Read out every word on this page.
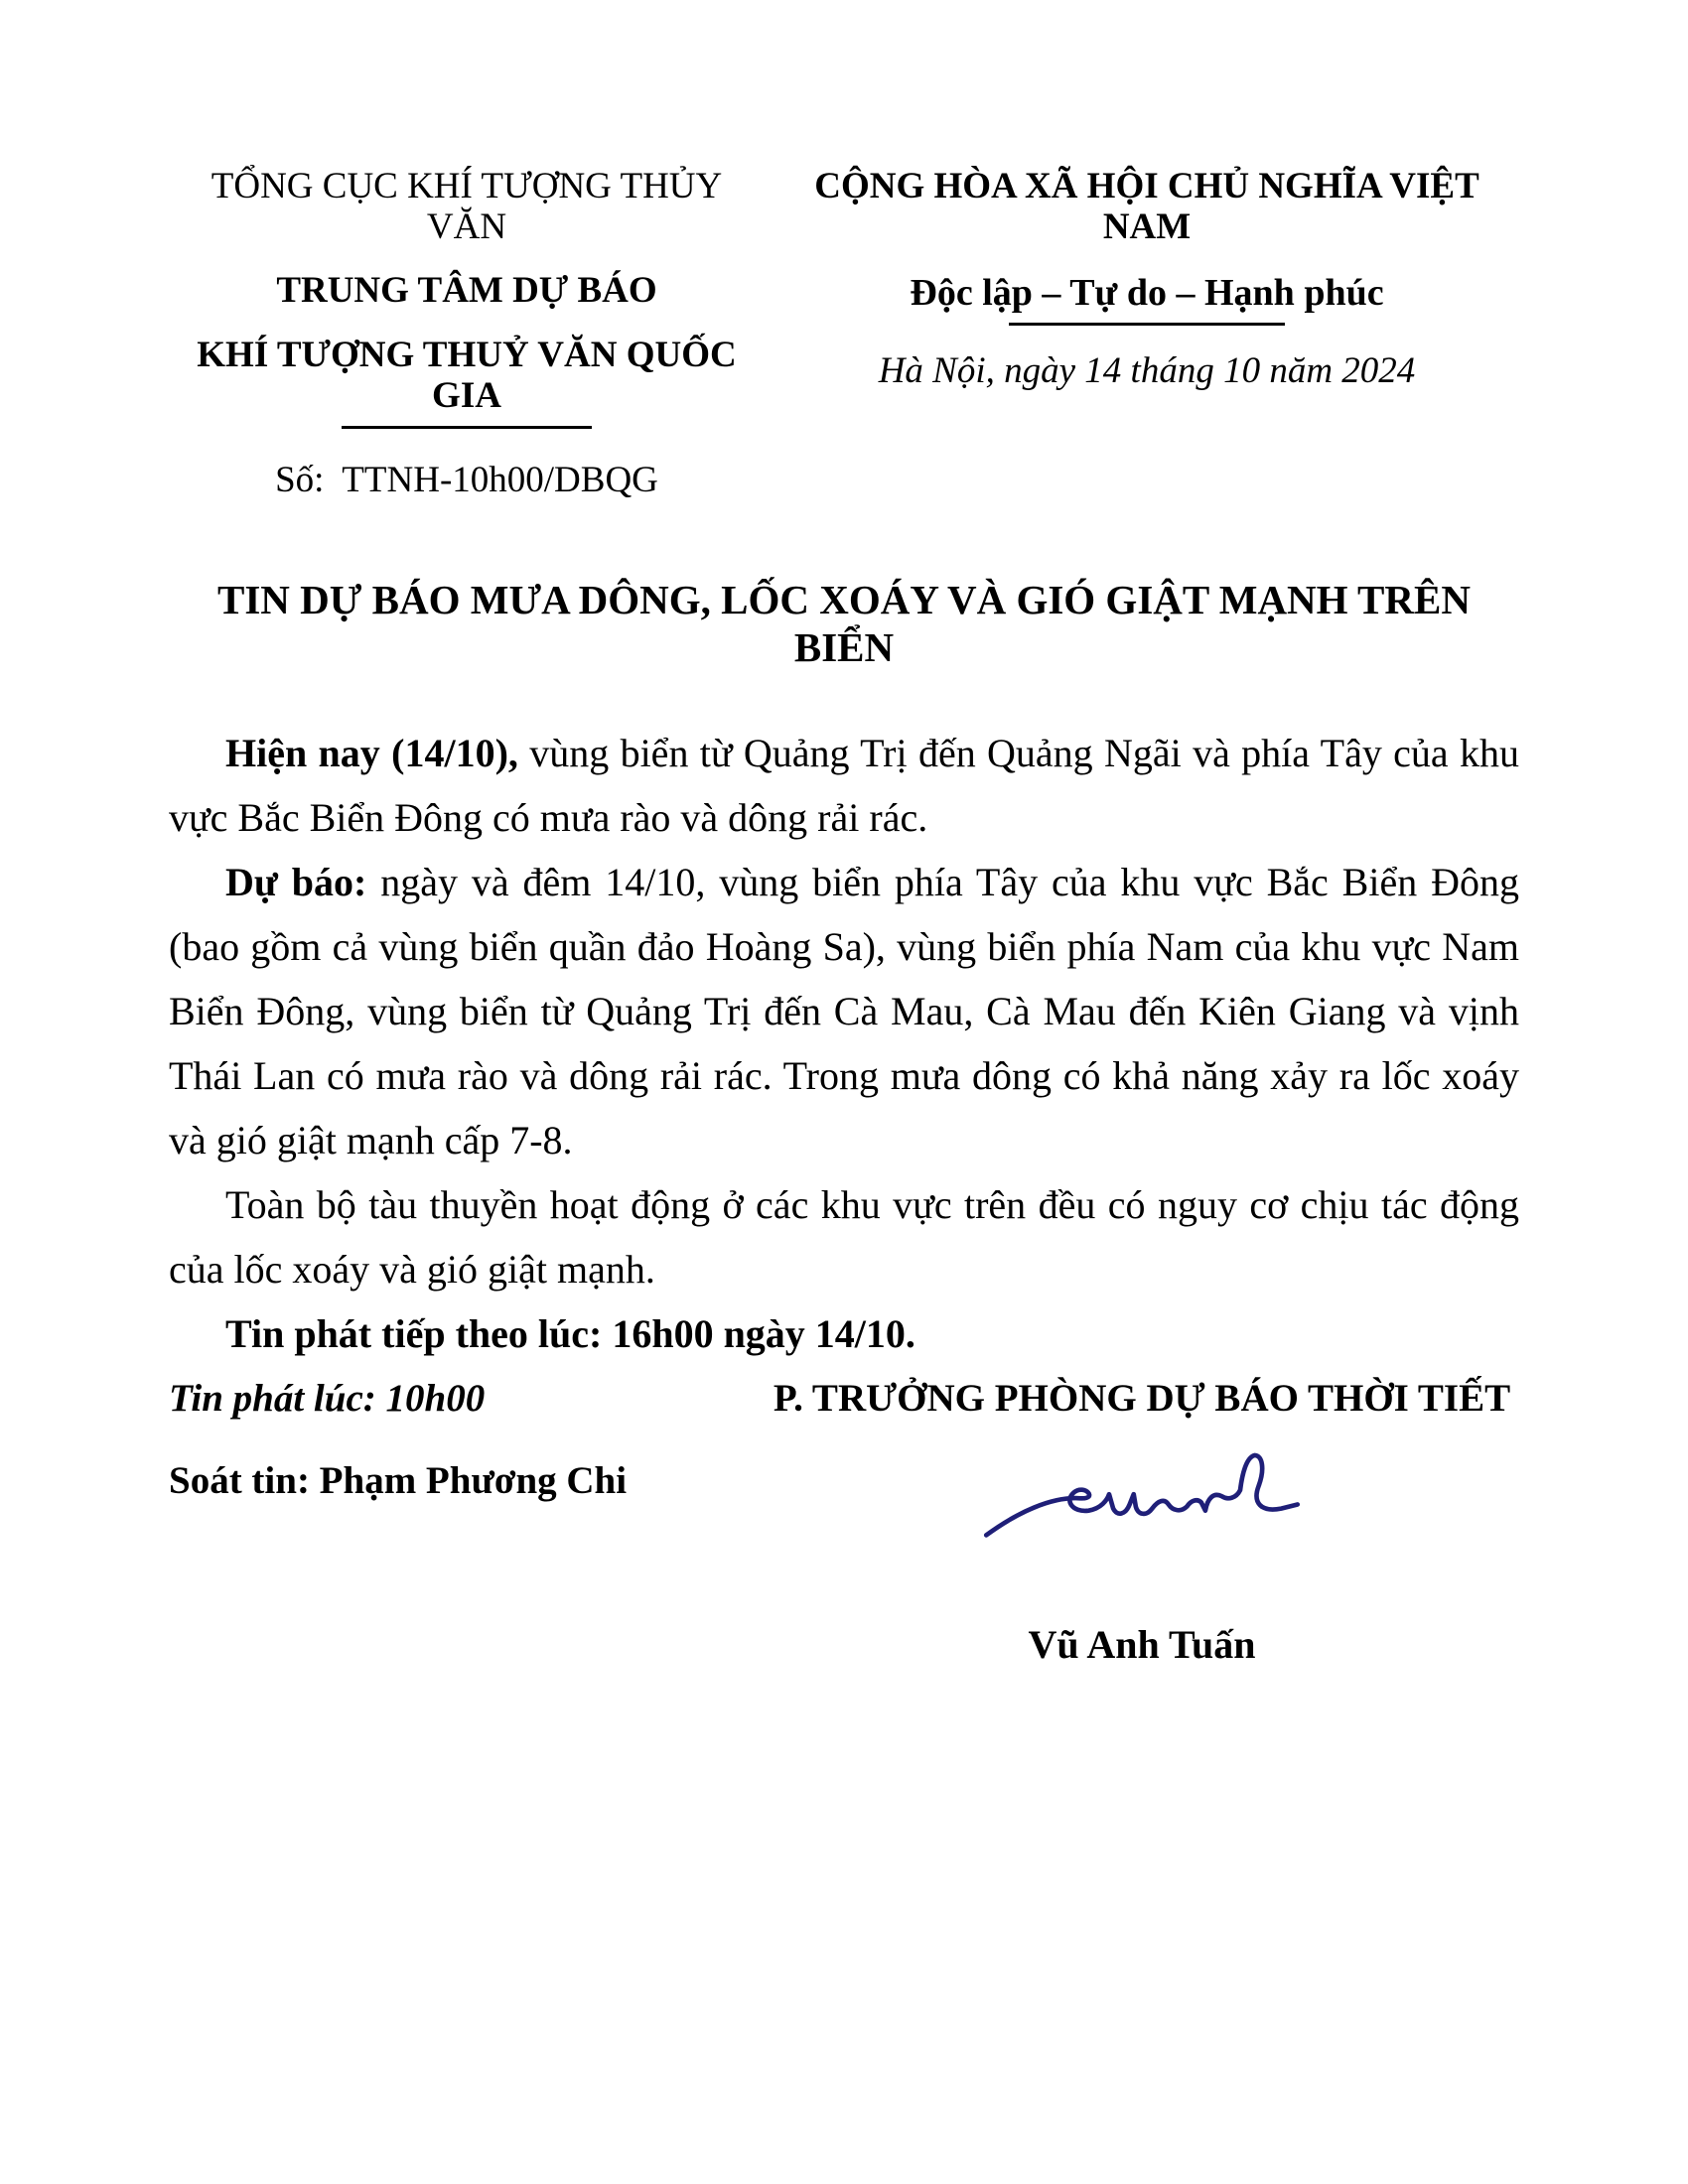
TỔNG CỤC KHÍ TƯỢNG THỦY VĂN
TRUNG TÂM DỰ BÁO
KHÍ TƯỢNG THUỶ VĂN QUỐC GIA
Số:  TTNH-10h00/DBQG
CỘNG HÒA XÃ HỘI CHỦ NGHĨA VIỆT NAM
Độc lập – Tự do – Hạnh phúc
Hà Nội, ngày 14 tháng 10 năm 2024
TIN DỰ BÁO MƯA DÔNG, LỐC XOÁY VÀ GIÓ GIẬT MẠNH TRÊN BIỂN

Hiện nay (14/10), vùng biển từ Quảng Trị đến Quảng Ngãi và phía Tây của khu vực Bắc Biển Đông có mưa rào và dông rải rác.

Dự báo: ngày và đêm 14/10, vùng biển phía Tây của khu vực Bắc Biển Đông (bao gồm cả vùng biển quần đảo Hoàng Sa), vùng biển phía Nam của khu vực Nam Biển Đông, vùng biển từ Quảng Trị đến Cà Mau, Cà Mau đến Kiên Giang và vịnh Thái Lan có mưa rào và dông rải rác. Trong mưa dông có khả năng xảy ra lốc xoáy và gió giật mạnh cấp 7-8.

Toàn bộ tàu thuyền hoạt động ở các khu vực trên đều có nguy cơ chịu tác động của lốc xoáy và gió giật mạnh.

Tin phát tiếp theo lúc: 16h00 ngày 14/10.

Tin phát lúc: 10h00
Soát tin: Phạm Phương Chi
P. TRƯỞNG PHÒNG DỰ BÁO THỜI TIẾT
Vũ Anh Tuấn
